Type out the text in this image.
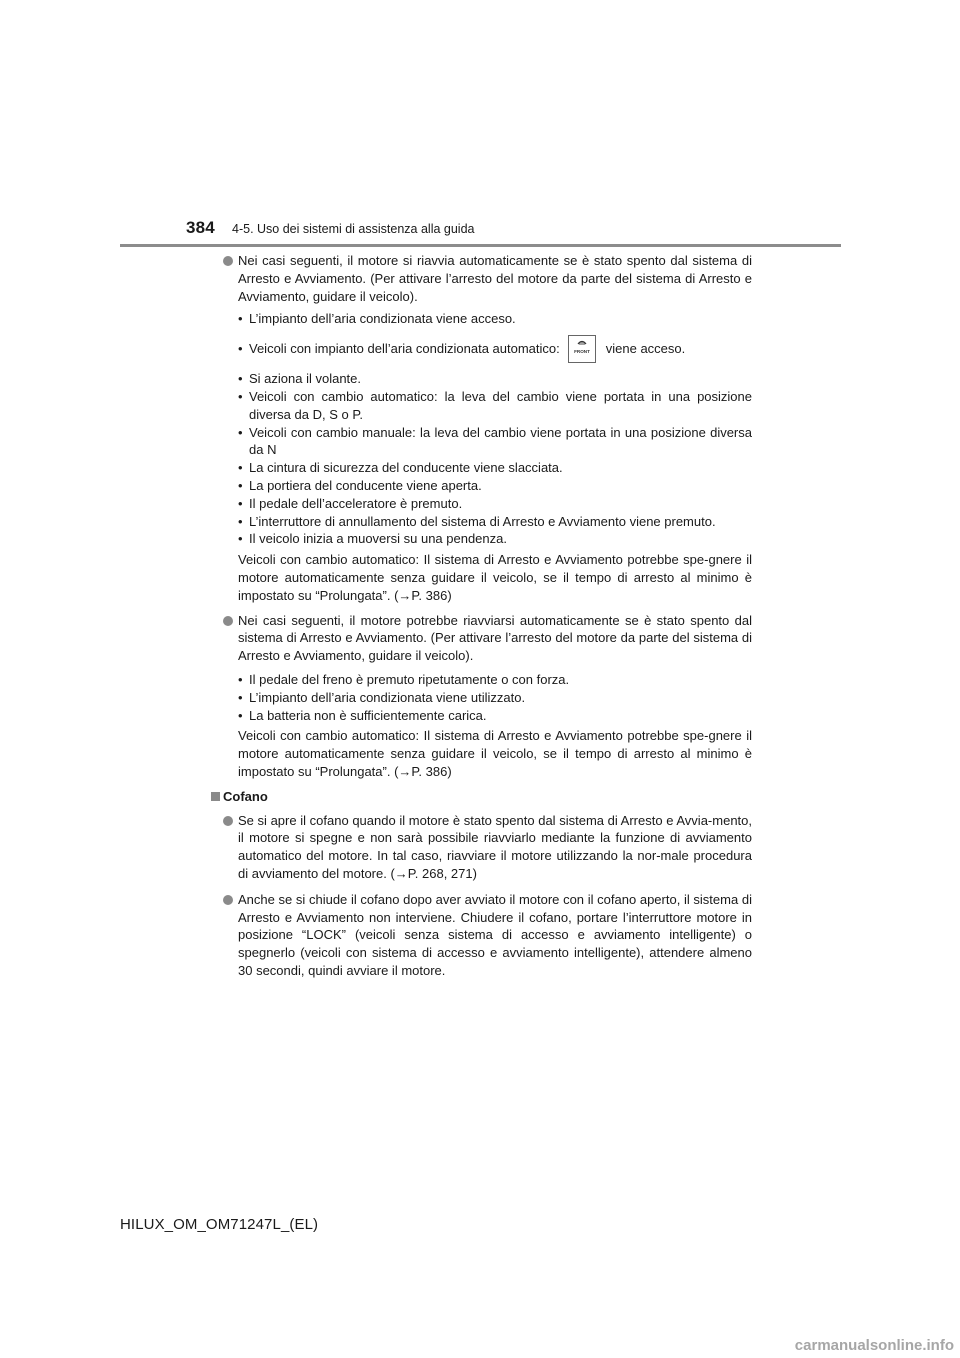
384 4-5. Uso dei sistemi di assistenza alla guida
Nei casi seguenti, il motore si riavvia automaticamente se è stato spento dal sistema di Arresto e Avviamento. (Per attivare l’arresto del motore da parte del sistema di Arresto e Avviamento, guidare il veicolo).
• L’impianto dell’aria condizionata viene acceso.
• Veicoli con impianto dell’aria condizionata automatico:	FRONT viene acceso.
• Si aziona il volante.
• Veicoli con cambio automatico: la leva del cambio viene portata in una posizione diversa da D, S o P.
• Veicoli con cambio manuale: la leva del cambio viene portata in una posizione diversa da N
• La cintura di sicurezza del conducente viene slacciata.
• La portiera del conducente viene aperta.
• Il pedale dell’acceleratore è premuto.
• L’interruttore di annullamento del sistema di Arresto e Avviamento viene premuto.
• Il veicolo inizia a muoversi su una pendenza.
Veicoli con cambio automatico: Il sistema di Arresto e Avviamento potrebbe spe-gnere il motore automaticamente senza guidare il veicolo, se il tempo di arresto al minimo è impostato su “Prolungata”. (→P. 386)
Nei casi seguenti, il motore potrebbe riavviarsi automaticamente se è stato spento dal sistema di Arresto e Avviamento. (Per attivare l’arresto del motore da parte del sistema di Arresto e Avviamento, guidare il veicolo).
• Il pedale del freno è premuto ripetutamente o con forza.
• L’impianto dell’aria condizionata viene utilizzato.
• La batteria non è sufficientemente carica.
Veicoli con cambio automatico: Il sistema di Arresto e Avviamento potrebbe spe-gnere il motore automaticamente senza guidare il veicolo, se il tempo di arresto al minimo è impostato su “Prolungata”. (→P. 386)
Cofano
Se si apre il cofano quando il motore è stato spento dal sistema di Arresto e Avvia-mento, il motore si spegne e non sarà possibile riavviarlo mediante la funzione di avviamento automatico del motore. In tal caso, riavviare il motore utilizzando la nor-male procedura di avviamento del motore. (→P. 268, 271)
Anche se si chiude il cofano dopo aver avviato il motore con il cofano aperto, il sistema di Arresto e Avviamento non interviene. Chiudere il cofano, portare l’interruttore motore in posizione “LOCK” (veicoli senza sistema di accesso e avviamento intelligente) o spegnerlo (veicoli con sistema di accesso e avviamento intelligente), attendere almeno 30 secondi, quindi avviare il motore.
HILUX_OM_OM71247L_(EL)
carmanualsonline.info
